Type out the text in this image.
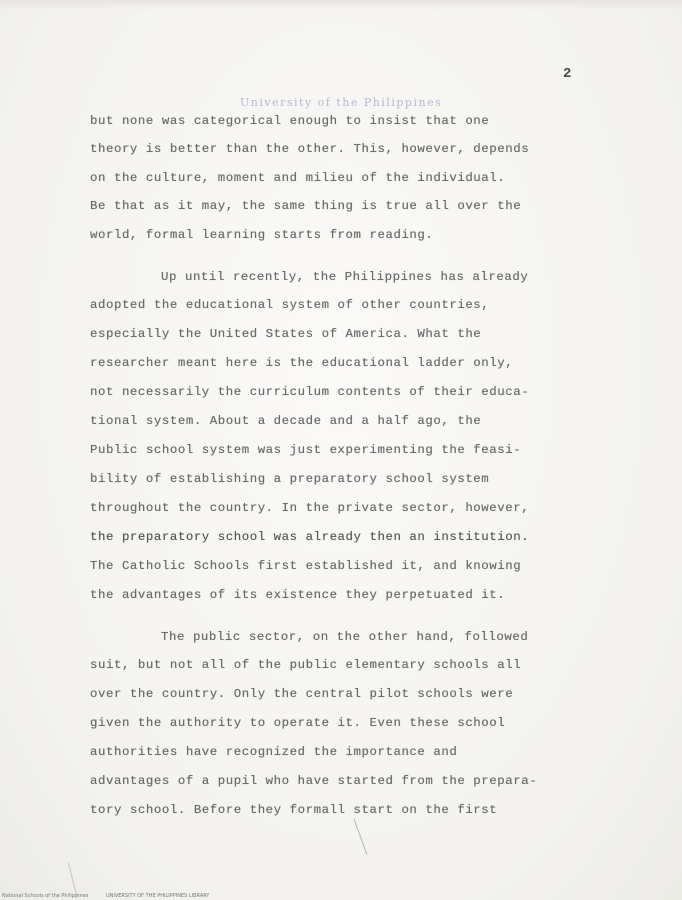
2
University of the Philippines
but none was categorical enough to insist that one
theory is better than the other. This, however, depends
on the culture, moment and milieu of the individual.
Be that as it may, the same thing is true all over the
world, formal learning starts from reading.
Up until recently, the Philippines has already
adopted the educational system of other countries,
especially the United States of America. What the
researcher meant here is the educational ladder only,
not necessarily the curriculum contents of their educa-
tional system. About a decade and a half ago, the
Public school system was just experimenting the feasi-
bility of establishing a preparatory school system
throughout the country. In the private sector, however,
the preparatory school was already then an institution.
The Catholic Schools first established it, and knowing
the advantages of its existence they perpetuated it.
The public sector, on the other hand, followed
suit, but not all of the public elementary schools all
over the country. Only the central pilot schools were
given the authority to operate it. Even these school
authorities have recognized the importance and
advantages of a pupil who have started from the prepara-
tory school. Before they formall start on the first
National Schools of the Philippines	UNIVERSITY OF THE PHILIPPINES LIBRARY
